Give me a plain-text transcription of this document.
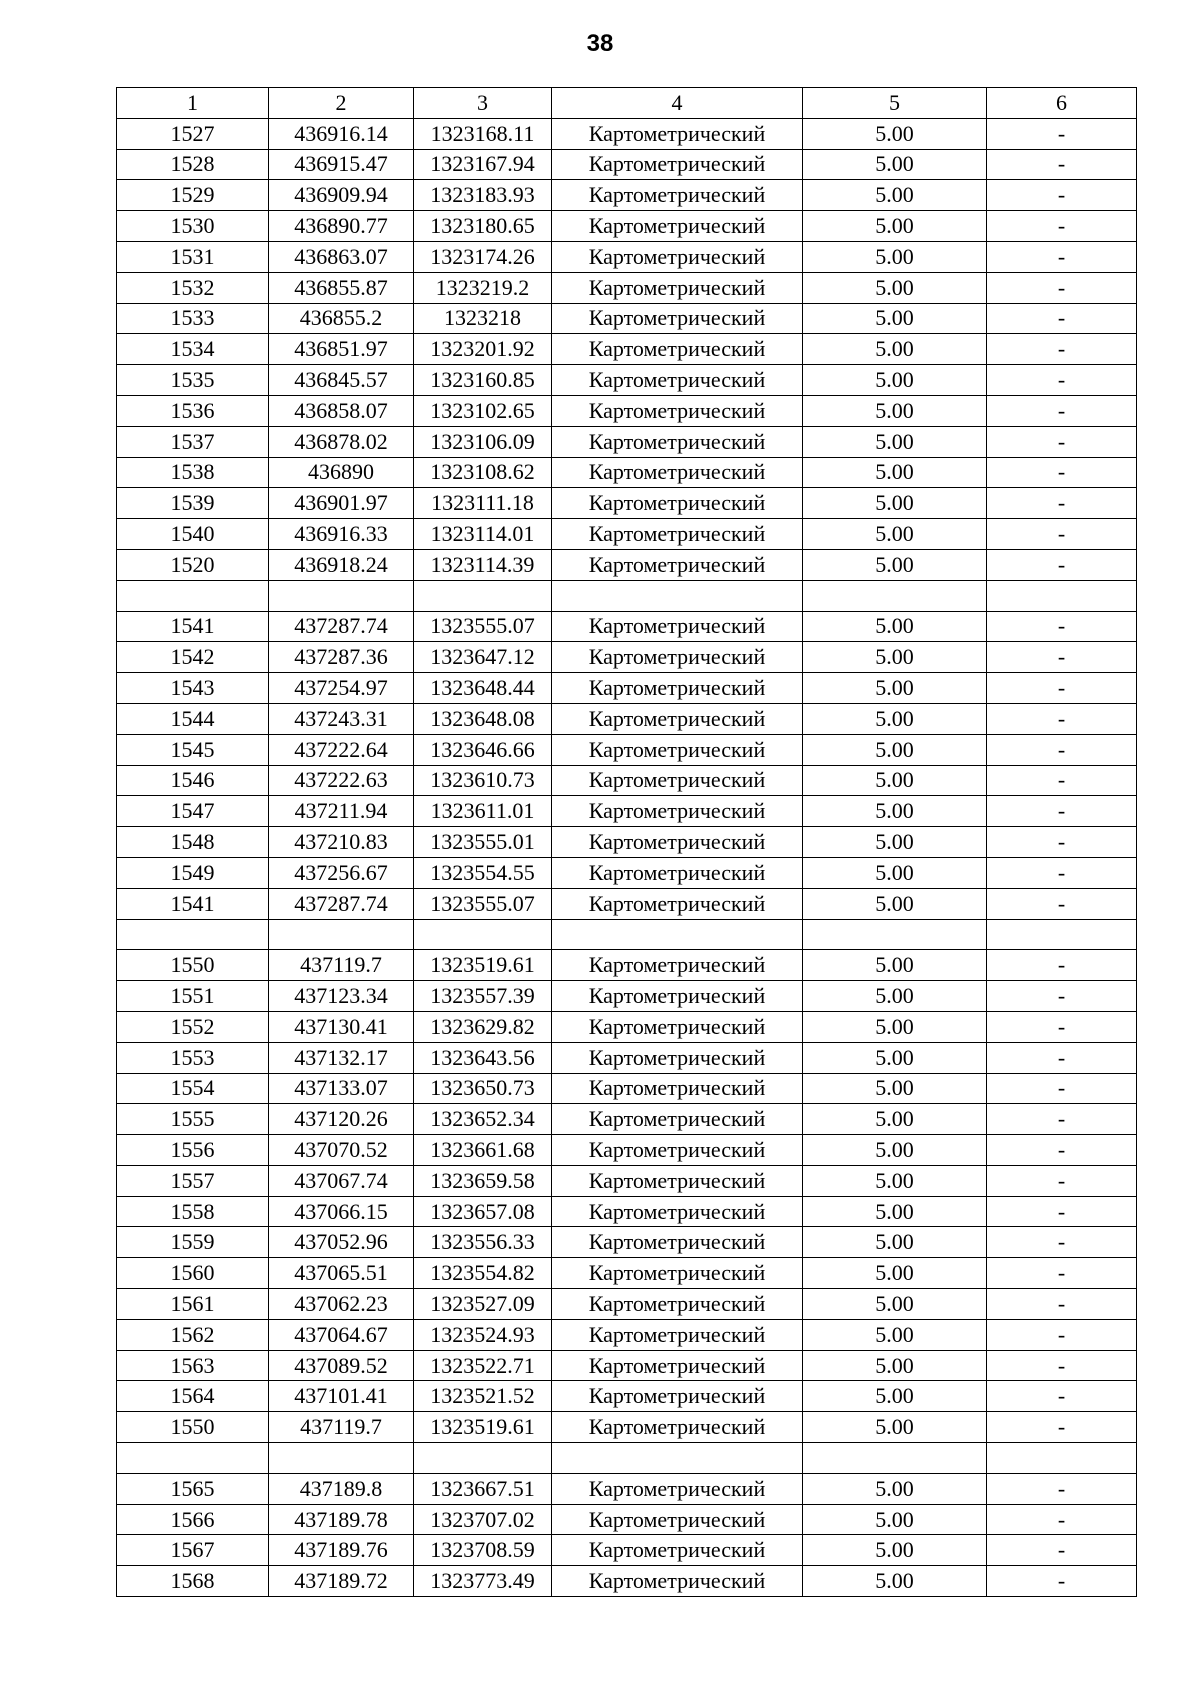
38
1	2	3	4	5	6
1527	436916.14	1323168.11	Картометрический	5.00	-
1528	436915.47	1323167.94	Картометрический	5.00	-
1529	436909.94	1323183.93	Картометрический	5.00	-
1530	436890.77	1323180.65	Картометрический	5.00	-
1531	436863.07	1323174.26	Картометрический	5.00	-
1532	436855.87	1323219.2	Картометрический	5.00	-
1533	436855.2	1323218	Картометрический	5.00	-
1534	436851.97	1323201.92	Картометрический	5.00	-
1535	436845.57	1323160.85	Картометрический	5.00	-
1536	436858.07	1323102.65	Картометрический	5.00	-
1537	436878.02	1323106.09	Картометрический	5.00	-
1538	436890	1323108.62	Картометрический	5.00	-
1539	436901.97	1323111.18	Картометрический	5.00	-
1540	436916.33	1323114.01	Картометрический	5.00	-
1520	436918.24	1323114.39	Картометрический	5.00	-

1541	437287.74	1323555.07	Картометрический	5.00	-
1542	437287.36	1323647.12	Картометрический	5.00	-
1543	437254.97	1323648.44	Картометрический	5.00	-
1544	437243.31	1323648.08	Картометрический	5.00	-
1545	437222.64	1323646.66	Картометрический	5.00	-
1546	437222.63	1323610.73	Картометрический	5.00	-
1547	437211.94	1323611.01	Картометрический	5.00	-
1548	437210.83	1323555.01	Картометрический	5.00	-
1549	437256.67	1323554.55	Картометрический	5.00	-
1541	437287.74	1323555.07	Картометрический	5.00	-

1550	437119.7	1323519.61	Картометрический	5.00	-
1551	437123.34	1323557.39	Картометрический	5.00	-
1552	437130.41	1323629.82	Картометрический	5.00	-
1553	437132.17	1323643.56	Картометрический	5.00	-
1554	437133.07	1323650.73	Картометрический	5.00	-
1555	437120.26	1323652.34	Картометрический	5.00	-
1556	437070.52	1323661.68	Картометрический	5.00	-
1557	437067.74	1323659.58	Картометрический	5.00	-
1558	437066.15	1323657.08	Картометрический	5.00	-
1559	437052.96	1323556.33	Картометрический	5.00	-
1560	437065.51	1323554.82	Картометрический	5.00	-
1561	437062.23	1323527.09	Картометрический	5.00	-
1562	437064.67	1323524.93	Картометрический	5.00	-
1563	437089.52	1323522.71	Картометрический	5.00	-
1564	437101.41	1323521.52	Картометрический	5.00	-
1550	437119.7	1323519.61	Картометрический	5.00	-

1565	437189.8	1323667.51	Картометрический	5.00	-
1566	437189.78	1323707.02	Картометрический	5.00	-
1567	437189.76	1323708.59	Картометрический	5.00	-
1568	437189.72	1323773.49	Картометрический	5.00	-
